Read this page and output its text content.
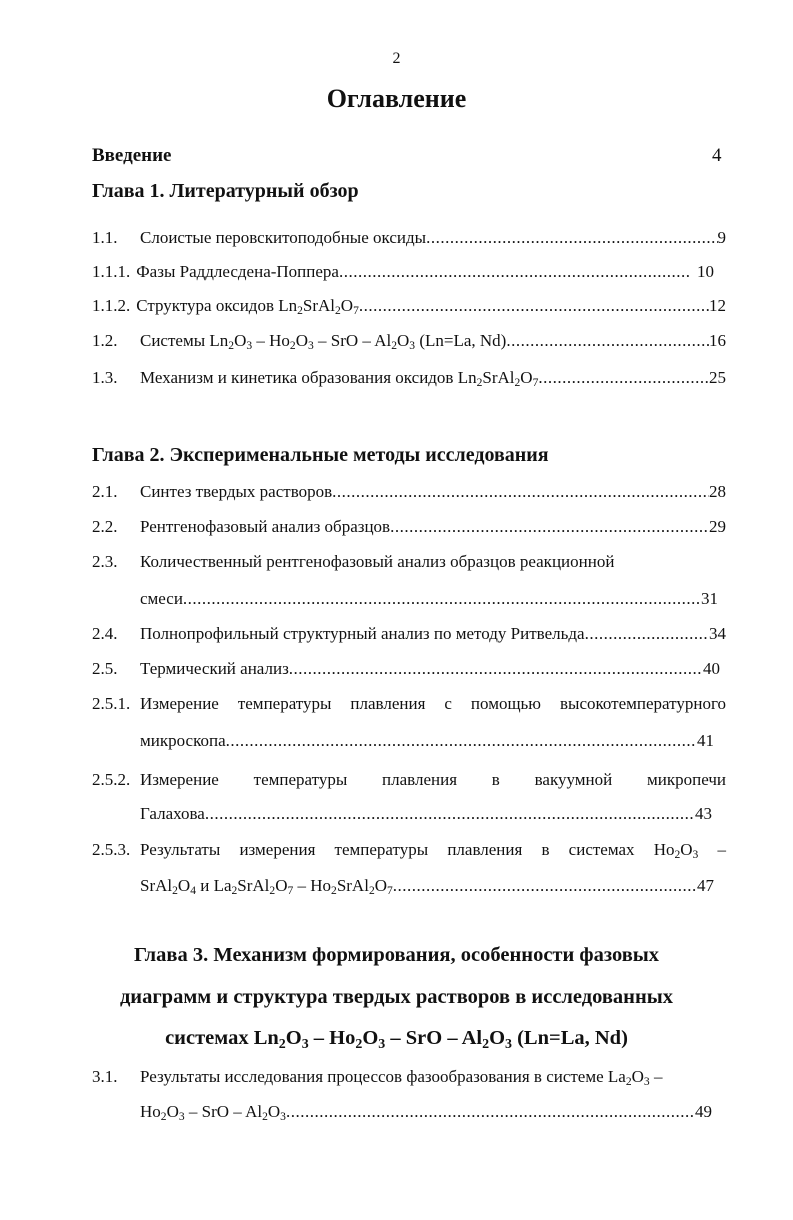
2
Оглавление
Введение	4
Глава 1. Литературный обзор
1.1.	Слоистые перовскитоподобные оксиды .....	9
1.1.1. Фазы Раддлесдена-Поппера .....	10
1.1.2. Структура оксидов $Ln_2SrAl_2O_7$ .....	12
1.2.	Системы $Ln_2O_3 - Ho_2O_3$ – SrO – $Al_2O_3$ (Ln=La, Nd) .....	16
1.3.	Механизм и кинетика образования оксидов $Ln_2SrAl_2O_7$ .....	25
Глава 2. Эксперименальные методы исследования
2.1.	Синтез твердых растворов .....	28
2.2.	Рентгенофазовый анализ образцов .....	29
2.3. Количественный рентгенофазовый анализ образцов реакционной
смеси .....	31
2.4.	Полнопрофильный структурный анализ по методу Ритвельда .....	34
2.5.	Термический анализ .....	40
2.5.1. Измерение температуры плавления с помощью высокотемпературного
микроскопа .....	41
2.5.2. Измерение температуры плавления в вакуумной микропечи
Галахова .....	43
2.5.3. Результаты измерения температуры плавления в системах $Ho_2O_3$ –
$SrAl_2O_4$ и $La_2SrAl_2O_7$ – $Ho_2SrAl_2O_7$ .....	47
Глава 3. Механизм формирования, особенности фазовых
диаграмм и структура твердых растворов в исследованных
системах $Ln_2O_3 - Ho_2O_3$ – SrO – $Al_2O_3$ (Ln=La, Nd)
3.1. Результаты исследования процессов фазообразования в системе $La_2O_3$ –
$Ho_2O_3$ – SrO – $Al_2O_3$ .....	49
